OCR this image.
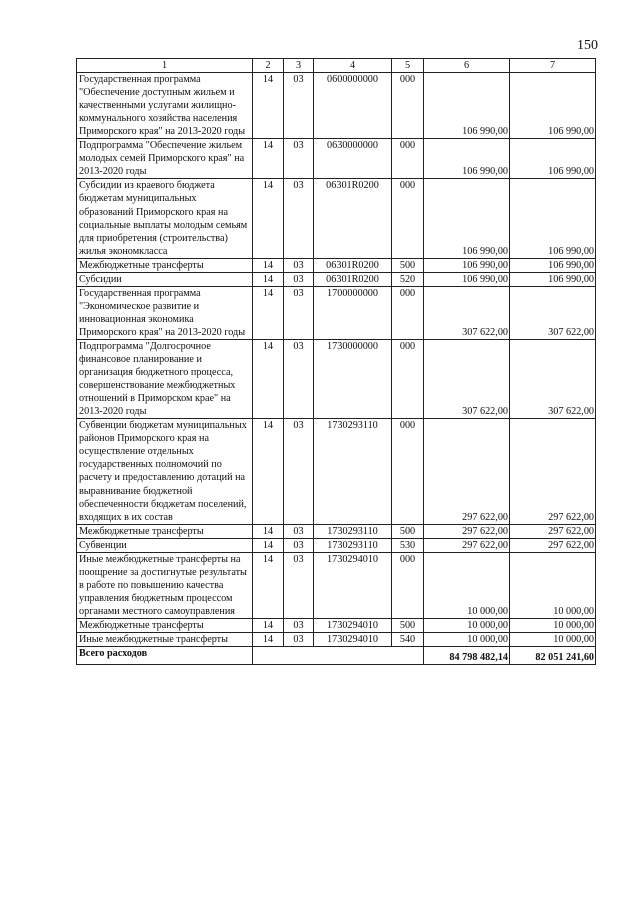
150
1	2	3	4	5	6	7
Государственная программа "Обеспечение доступным жильем и качественными услугами жилищно-коммунального хозяйства населения Приморского края" на 2013-2020 годы	14	03	0600000000	000	106 990,00	106 990,00
Подпрограмма "Обеспечение жильем молодых семей Приморского края" на 2013-2020 годы	14	03	0630000000	000	106 990,00	106 990,00
Субсидии из краевого бюджета бюджетам муниципальных образований Приморского края на социальные выплаты молодым семьям для приобретения (строительства) жилья экономкласса	14	03	06301R0200	000	106 990,00	106 990,00
Межбюджетные трансферты	14	03	06301R0200	500	106 990,00	106 990,00
Субсидии	14	03	06301R0200	520	106 990,00	106 990,00
Государственная программа "Экономическое развитие и инновационная экономика Приморского края" на 2013-2020 годы	14	03	1700000000	000	307 622,00	307 622,00
Подпрограмма "Долгосрочное финансовое планирование и организация бюджетного процесса, совершенствование межбюджетных отношений в Приморском крае" на 2013-2020 годы	14	03	1730000000	000	307 622,00	307 622,00
Субвенции бюджетам муниципальных районов Приморского края на осуществление отдельных государственных полномочий по расчету и предоставлению дотаций на выравнивание бюджетной обеспеченности бюджетам поселений, входящих в их состав	14	03	1730293110	000	297 622,00	297 622,00
Межбюджетные трансферты	14	03	1730293110	500	297 622,00	297 622,00
Субвенции	14	03	1730293110	530	297 622,00	297 622,00
Иные межбюджетные трансферты на поощрение за достигнутые результаты в работе по повышению качества управления бюджетным процессом органами местного самоуправления	14	03	1730294010	000	10 000,00	10 000,00
Межбюджетные трансферты	14	03	1730294010	500	10 000,00	10 000,00
Иные межбюджетные трансферты	14	03	1730294010	540	10 000,00	10 000,00
Всего расходов					84 798 482,14	82 051 241,60
